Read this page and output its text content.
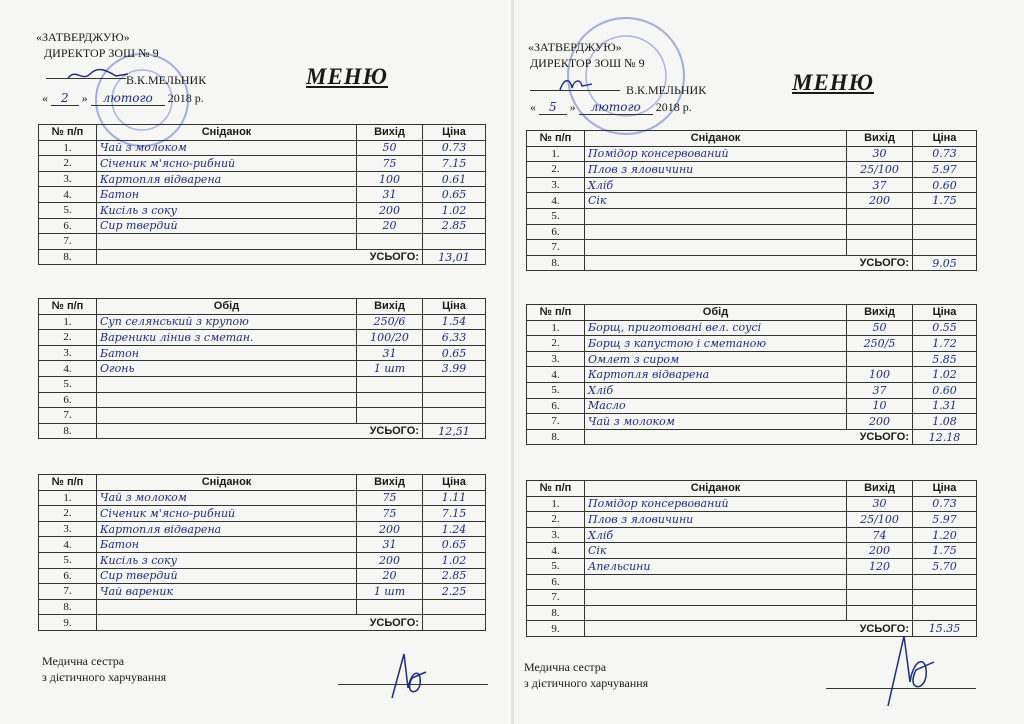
«ЗАТВЕРДЖУЮ»
ДИРЕКТОР ЗОШ № 9
В.К.МЕЛЬНИК	МЕНЮ
« 2 » лютого 2018 р.
№ п/п	Сніданок	Вихід	Ціна
1.	Чай з молоком	50	0.73
2.	Січеник м'ясно-рибний	75	7.15
3.	Картопля відварена	100	0.61
4.	Батон	31	0.65
5.	Кисіль з соку	200	1.02
6.	Сир твердий	20	2.85
7.			
8.	УСЬОГО:		13,01
№ п/п	Обід	Вихід	Ціна
1.	Суп селянський з крупою	250/6	1.54
2.	Вареники лінив з сметан.	100/20	6.33
3.	Батон	31	0.65
4.	Огонь	1 шт	3.99
5.			
6.			
7.			
8.	УСЬОГО:		12,51
№ п/п	Сніданок	Вихід	Ціна
1.	Чай з молоком	75	1.11
2.	Січеник м'ясно-рибний	75	7.15
3.	Картопля відварена	200	1.24
4.	Батон	31	0.65
5.	Кисіль з соку	200	1.02
6.	Сир твердий	20	2.85
7.	Чай вареник	1 шт	2.25
8.			
9.	УСЬОГО:		
Медична сестра
з дієтичного харчування
«ЗАТВЕРДЖУЮ»
ДИРЕКТОР ЗОШ № 9
В.К.МЕЛЬНИК	МЕНЮ
« 5 » лютого 2018 р.
№ п/п	Сніданок	Вихід	Ціна
1.	Помідор консервований	30	0.73
2.	Плов з яловичини	25/100	5.97
3.	Хліб	37	0.60
4.	Сік	200	1.75
5.			
6.			
7.			
8.	УСЬОГО:		9.05
№ п/п	Обід	Вихід	Ціна
1.	Борщ, приготовані вел. соусі	50	0.55
2.	Борщ з капустою і сметаною	250/5	1.72
3.	Омлет з сиром		5.85
4.	Картопля відварена	100	1.02
5.	Хліб	37	0.60
6.	Масло	10	1.31
7.	Чай з молоком	200	1.08
8.	УСЬОГО:		12.18
№ п/п	Сніданок	Вихід	Ціна
1.	Помідор консервований	30	0.73
2.	Плов з яловичини	25/100	5.97
3.	Хліб	74	1.20
4.	Сік	200	1.75
5.	Апельсини	120	5.70
6.			
7.			
8.			
9.	УСЬОГО:		15.35
Медична сестра
з дієтичного харчування
